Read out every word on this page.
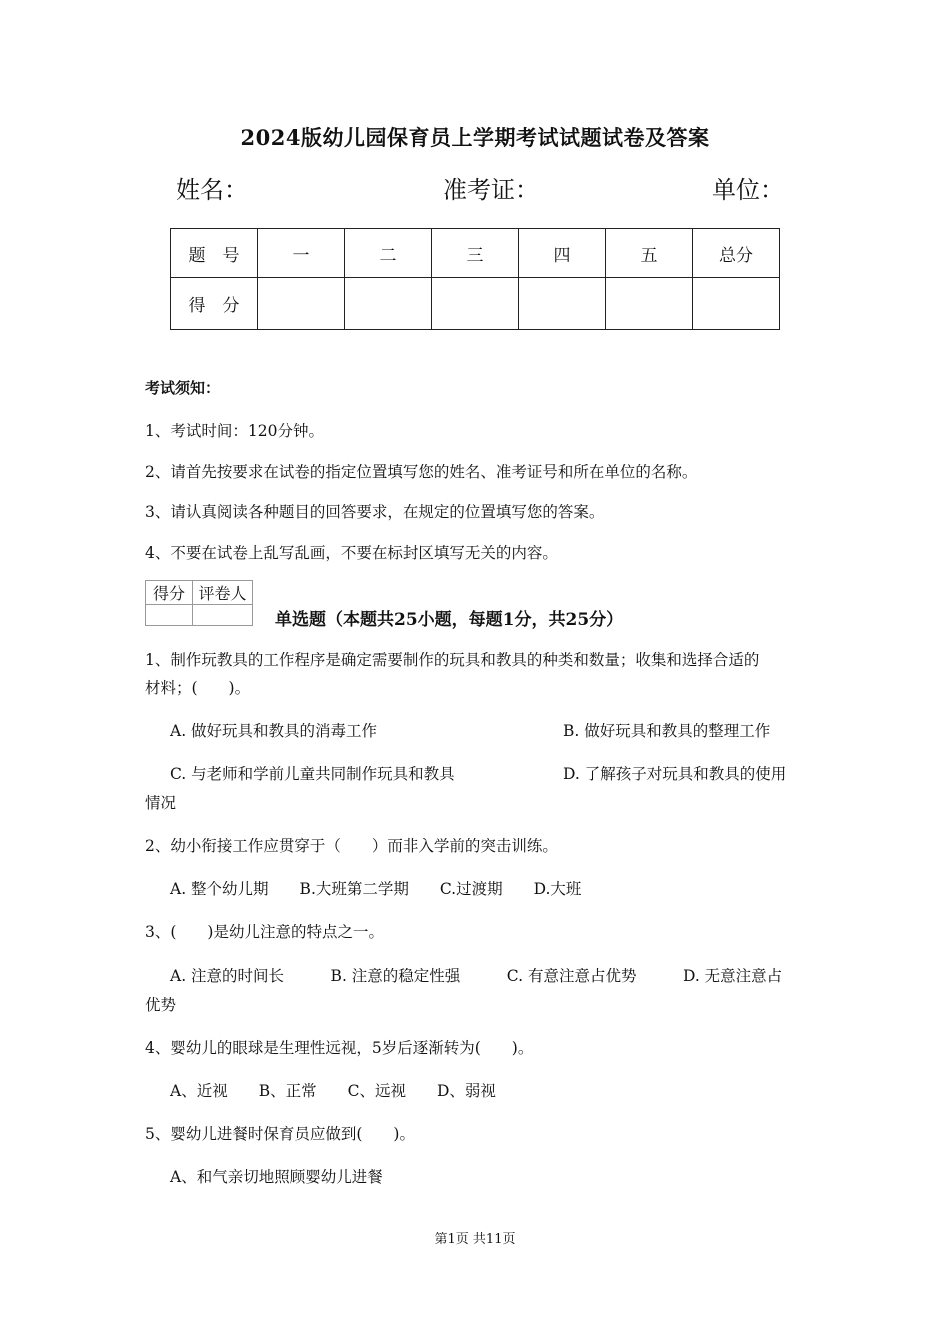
2024版幼儿园保育员上学期考试试题试卷及答案
姓名：	准考证：	单位：
题　号	一	二	三	四	五	总分
得　分						
考试须知：
1、考试时间：120分钟。
2、请首先按要求在试卷的指定位置填写您的姓名、准考证号和所在单位的名称。
3、请认真阅读各种题目的回答要求，在规定的位置填写您的答案。
4、不要在试卷上乱写乱画，不要在标封区填写无关的内容。
得分	评卷人

单选题（本题共25小题，每题1分，共25分）
1、制作玩教具的工作程序是确定需要制作的玩具和教具的种类和数量；收集和选择合适的
材料；(　　)。
A. 做好玩具和教具的消毒工作	B. 做好玩具和教具的整理工作
C. 与老师和学前儿童共同制作玩具和教具	D. 了解孩子对玩具和教具的使用
情况
2、幼小衔接工作应贯穿于（　　）而非入学前的突击训练。
A. 整个幼儿期　　B.大班第二学期　　C.过渡期　　D.大班
3、(　　)是幼儿注意的特点之一。
A. 注意的时间长　　　B. 注意的稳定性强　　　C. 有意注意占优势　　　D. 无意注意占
优势
4、婴幼儿的眼球是生理性远视，5岁后逐渐转为(　　)。
A、近视　　B、正常　　C、远视　　D、弱视
5、婴幼儿进餐时保育员应做到(　　)。
A、和气亲切地照顾婴幼儿进餐
第1页 共11页
